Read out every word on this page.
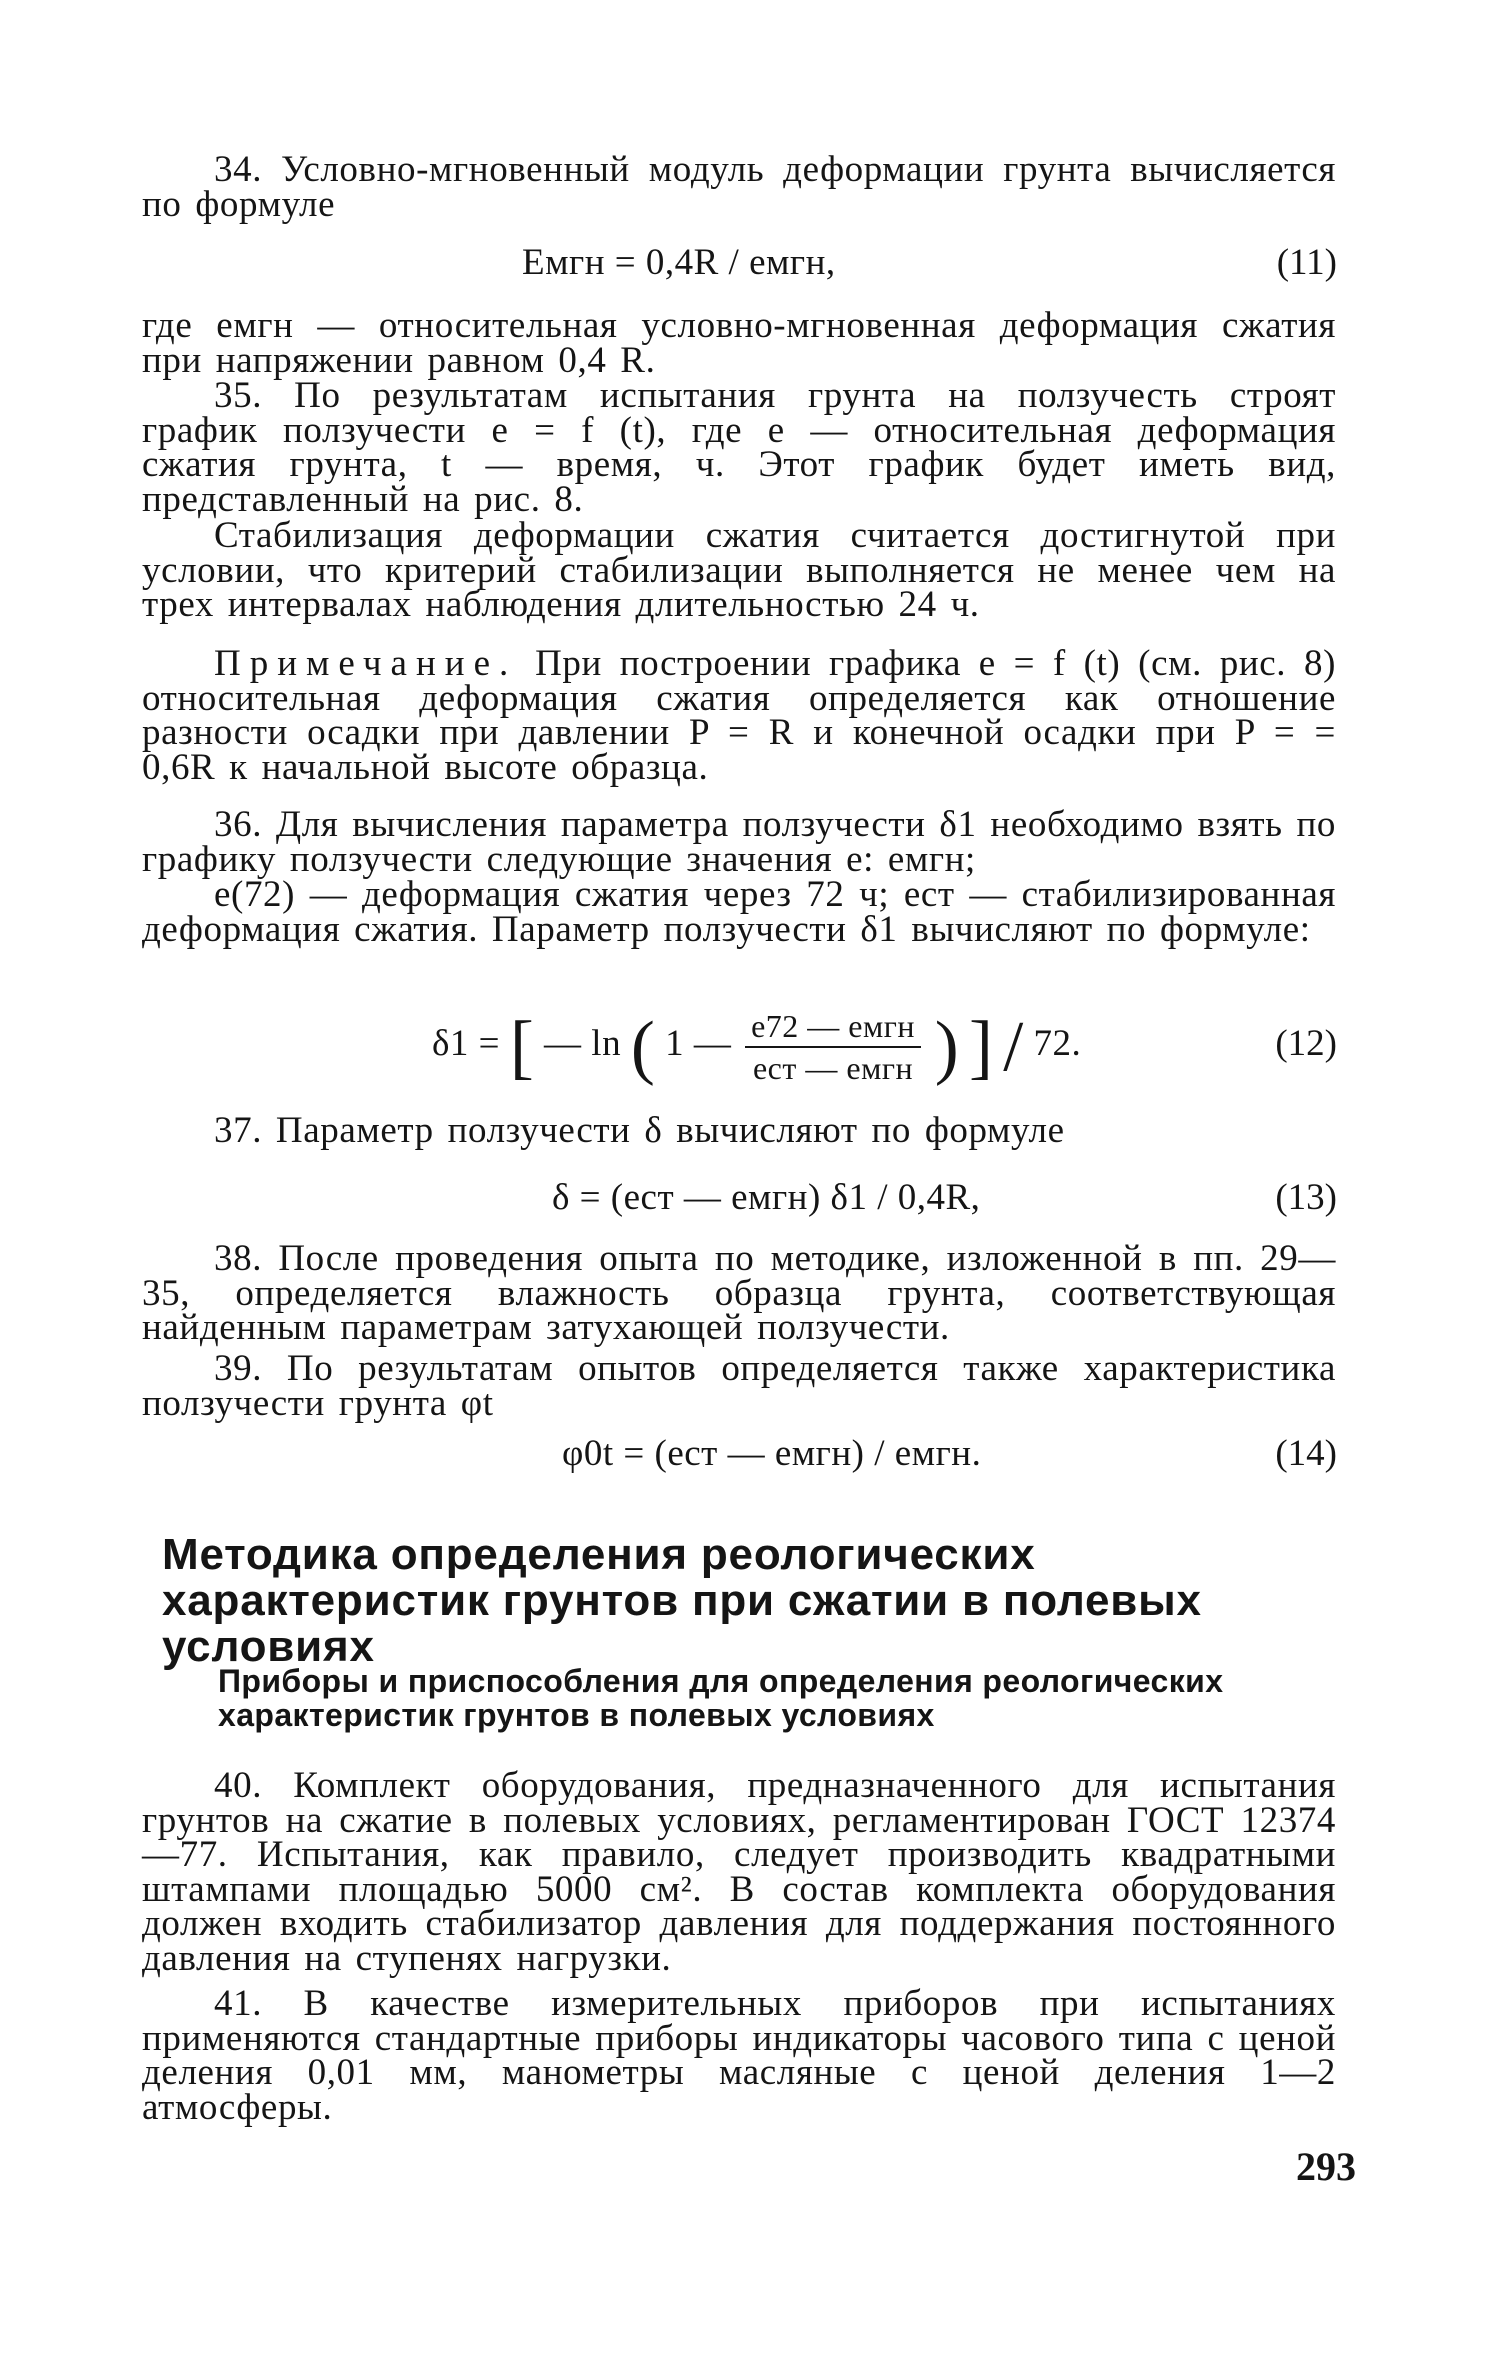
34. Условно-мгновенный модуль деформации грунта вычисляется по формуле
Eмгн = 0,4R / eмгн,	(11)
где eмгн — относительная условно-мгновенная деформация сжатия при напряжении равном 0,4 R.
35. По результатам испытания грунта на ползучесть строят график ползучести e = f (t), где e — относительная деформация сжатия грунта, t — время, ч. Этот график будет иметь вид, представленный на рис. 8.
Стабилизация деформации сжатия считается достигнутой при условии, что критерий стабилизации выполняется не менее чем на трех интервалах наблюдения длительностью 24 ч.
Примечание. При построении графика e = f (t) (см. рис. 8) относительная деформация сжатия определяется как отношение разности осадки при давлении P = R и конечной осадки при P = = 0,6R к начальной высоте образца.
36. Для вычисления параметра ползучести δ1 необходимо взять по графику ползучести следующие значения e: eмгн;
e(72) — деформация сжатия через 72 ч; eст — стабилизированная деформация сжатия. Параметр ползучести δ1 вычисляют по формуле:
δ1 = [ — ln ( 1 — $\frac{\text{e72 — eмгн}}{\text{eст — eмгн}}$ ) ] / 72.	(12)
37. Параметр ползучести δ вычисляют по формуле
δ = (eст — eмгн) δ1 / 0,4R,	(13)
38. После проведения опыта по методике, изложенной в пп. 29—35, определяется влажность образца грунта, соответствующая найденным параметрам затухающей ползучести.
39. По результатам опытов определяется также характеристика ползучести грунта φt
φ0t = (eст — eмгн) / eмгн.	(14)
Методика определения реологических характеристик грунтов при сжатии в полевых условиях
Приборы и приспособления для определения реологических характеристик грунтов в полевых условиях
40. Комплект оборудования, предназначенного для испытания грунтов на сжатие в полевых условиях, регламентирован ГОСТ 12374—77. Испытания, как правило, следует производить квадратными штампами площадью 5000 см². В состав комплекта оборудования должен входить стабилизатор давления для поддержания постоянного давления на ступенях нагрузки.
41. В качестве измерительных приборов при испытаниях применяются стандартные приборы индикаторы часового типа с ценой деления 0,01 мм, манометры масляные с ценой деления 1—2 атмосферы.
293
